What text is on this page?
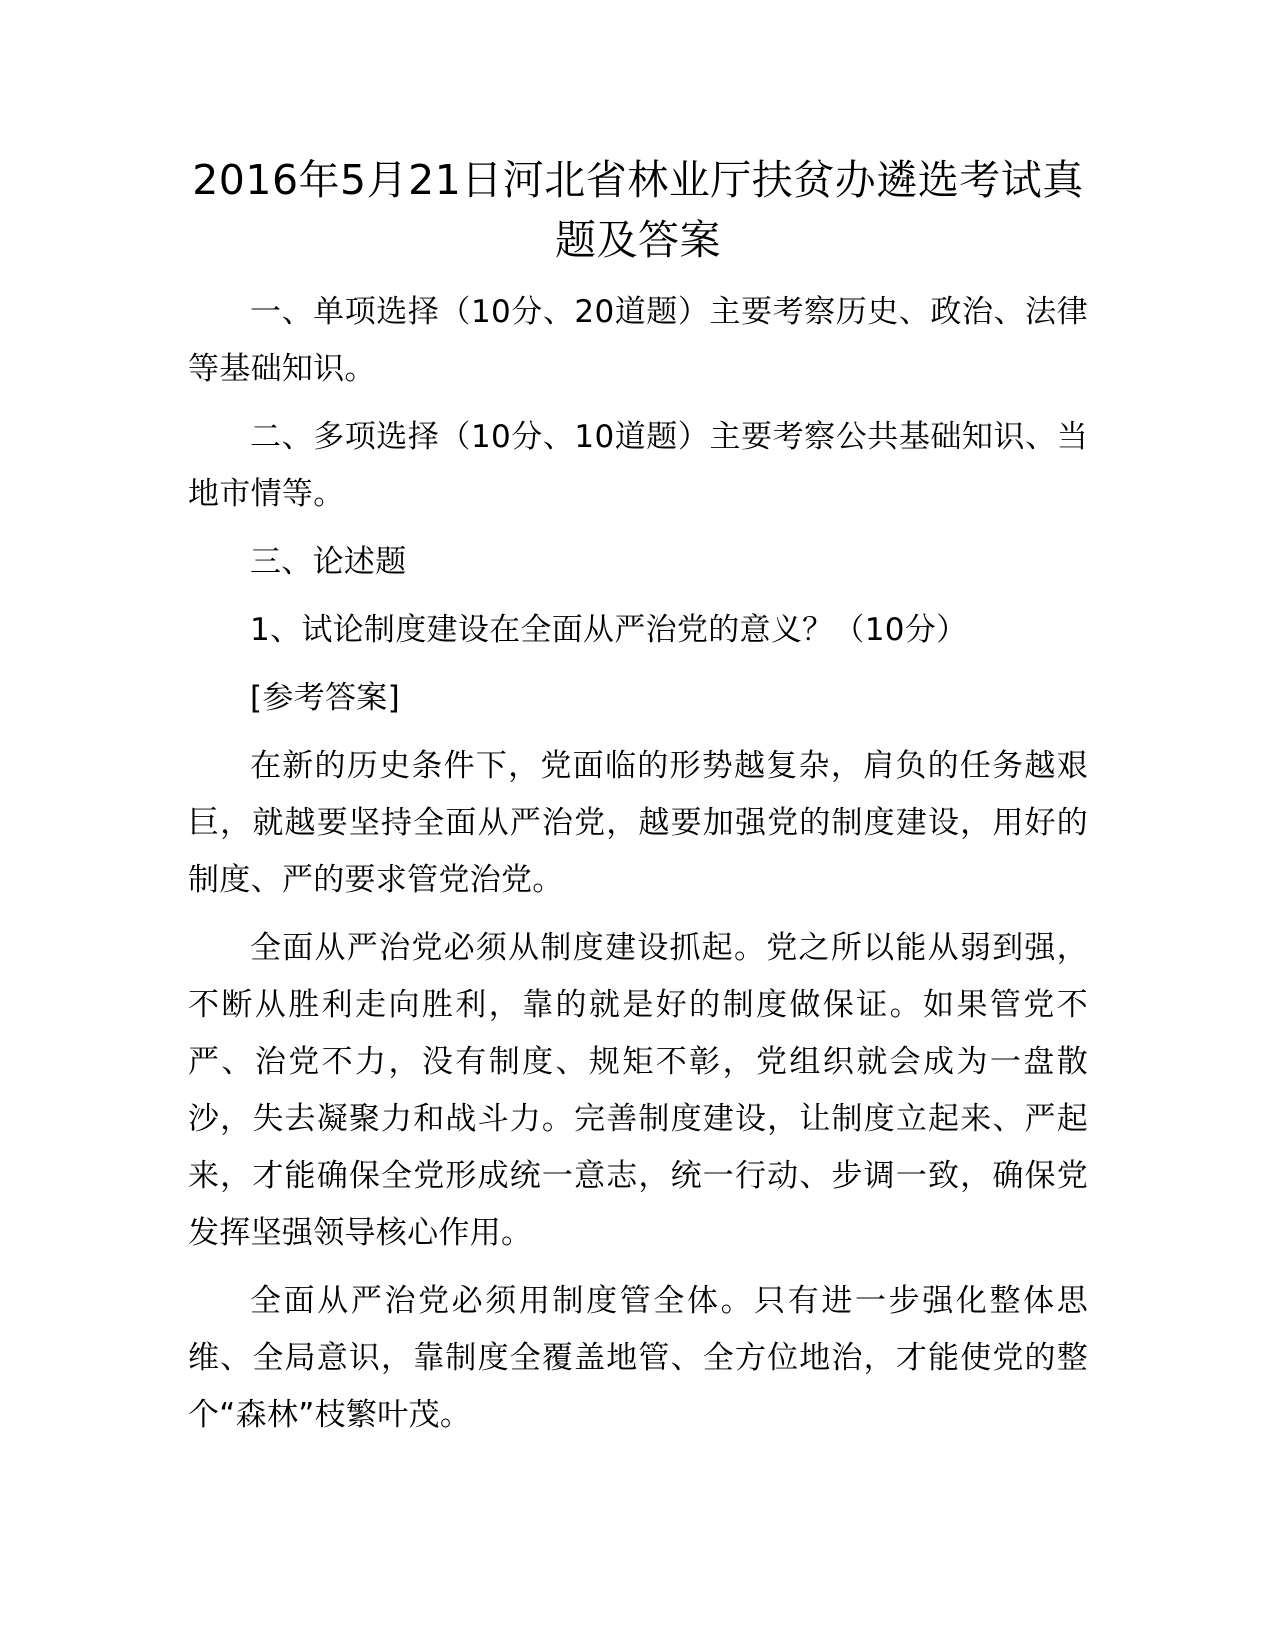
2016年5月21日河北省林业厅扶贫办遴选考试真题及答案

一、单项选择（10分、20道题）主要考察历史、政治、法律等基础知识。

二、多项选择（10分、10道题）主要考察公共基础知识、当地市情等。

三、论述题

1、试论制度建设在全面从严治党的意义？（10分）

[参考答案]

在新的历史条件下，党面临的形势越复杂，肩负的任务越艰巨，就越要坚持全面从严治党，越要加强党的制度建设，用好的制度、严的要求管党治党。

全面从严治党必须从制度建设抓起。党之所以能从弱到强，不断从胜利走向胜利，靠的就是好的制度做保证。如果管党不严、治党不力，没有制度、规矩不彰，党组织就会成为一盘散沙，失去凝聚力和战斗力。完善制度建设，让制度立起来、严起来，才能确保全党形成统一意志，统一行动、步调一致，确保党发挥坚强领导核心作用。

全面从严治党必须用制度管全体。只有进一步强化整体思维、全局意识，靠制度全覆盖地管、全方位地治，才能使党的整个“森林”枝繁叶茂。
